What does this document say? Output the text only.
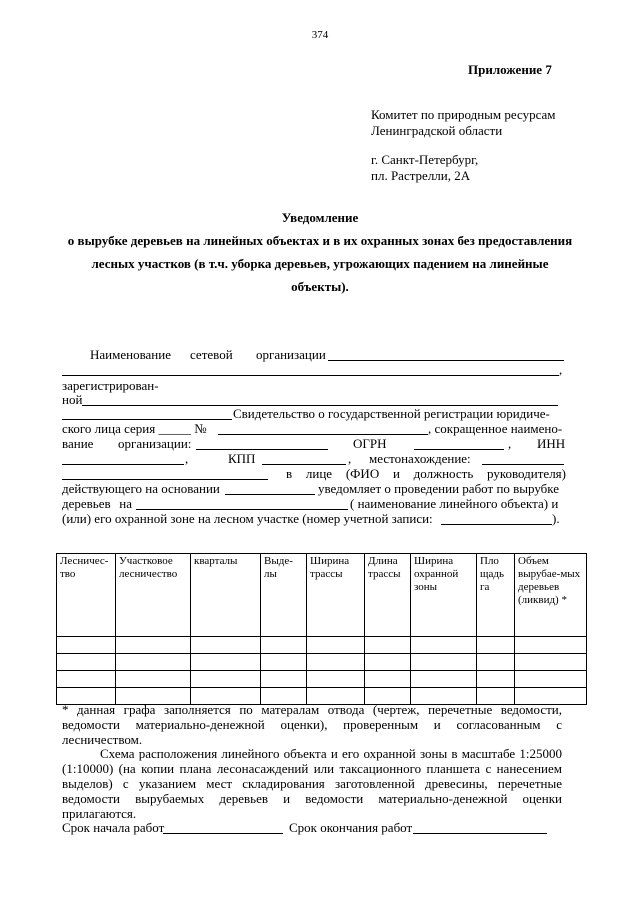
374
Приложение 7
Комитет по природным ресурсам
Ленинградской области
г. Санкт-Петербург,
пл. Растрелли, 2А
Уведомление
о вырубке деревьев на линейных объектах и в их охранных зонах без предоставления
лесных участков (в т.ч. уборка деревьев, угрожающих падением на линейные
объекты).
Наименование сетевой организации
,
зарегистрирован-
ной
Свидетельство о государственной регистрации юридиче-
ского лица серия _____ №	, сокращенное наимено-
вание организации:	ОГРН	, ИНН
,	КПП	, местонахождение:
в лице (ФИО и должность руководителя)
действующего на основании	уведомляет о проведении работ по вырубке
деревьев на	( наименование линейного объекта) и
(или) его охранной зоне на лесном участке (номер учетной записи:	).
Лесничес-тво	Участковое лесничество	кварталы	Выде-лы	Ширина трассы	Длина трассы	Ширина охранной зоны	Пло щадь га	Объем вырубае-мых деревьев (ликвид) *

* данная графа заполняется по матералам отвода (чертеж, перечетные ведомости,
ведомости материально-денежной оценки), проверенным и согласованным с
лесничеством.
Схема расположения линейного объекта и его охранной зоны в масштабе 1:25000
(1:10000) (на копии плана лесонасаждений или таксационного планшета с нанесением
выделов) с указанием мест складирования заготовленной древесины, перечетные
ведомости вырубаемых деревьев и ведомости материально-денежной оценки
прилагаются.
Срок начала работ	Срок окончания работ
